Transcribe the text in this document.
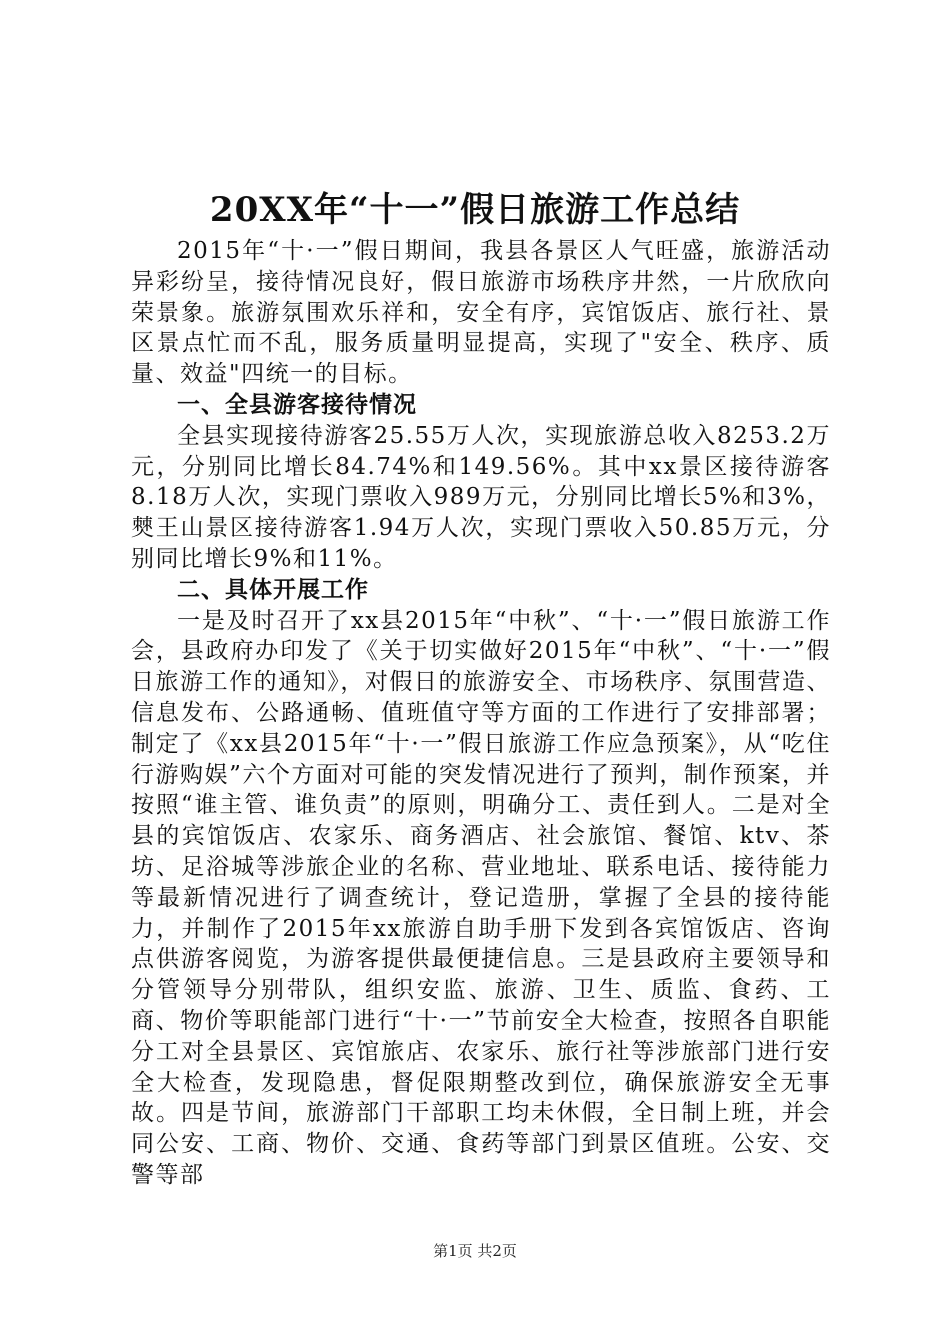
20XX年“十一”假日旅游工作总结

2015年“十·一”假日期间，我县各景区人气旺盛，旅游活动异彩纷呈，接待情况良好，假日旅游市场秩序井然，一片欣欣向荣景象。旅游氛围欢乐祥和，安全有序，宾馆饭店、旅行社、景区景点忙而不乱，服务质量明显提高，实现了"安全、秩序、质量、效益"四统一的目标。

一、全县游客接待情况

全县实现接待游客25.55万人次，实现旅游总收入8253.2万元，分别同比增长84.74%和149.56%。其中xx景区接待游客8.18万人次，实现门票收入989万元，分别同比增长5%和3%，僰王山景区接待游客1.94万人次，实现门票收入50.85万元，分别同比增长9%和11%。

二、具体开展工作

一是及时召开了xx县2015年“中秋”、“十·一”假日旅游工作会，县政府办印发了《关于切实做好2015年“中秋”、“十·一”假日旅游工作的通知》，对假日的旅游安全、市场秩序、氛围营造、信息发布、公路通畅、值班值守等方面的工作进行了安排部署；制定了《xx县2015年“十·一”假日旅游工作应急预案》，从“吃住行游购娱”六个方面对可能的突发情况进行了预判，制作预案，并按照“谁主管、谁负责”的原则，明确分工、责任到人。二是对全县的宾馆饭店、农家乐、商务酒店、社会旅馆、餐馆、ktv、茶坊、足浴城等涉旅企业的名称、营业地址、联系电话、接待能力等最新情况进行了调查统计，登记造册，掌握了全县的接待能力，并制作了2015年xx旅游自助手册下发到各宾馆饭店、咨询点供游客阅览，为游客提供最便捷信息。三是县政府主要领导和分管领导分别带队，组织安监、旅游、卫生、质监、食药、工商、物价等职能部门进行“十·一”节前安全大检查，按照各自职能分工对全县景区、宾馆旅店、农家乐、旅行社等涉旅部门进行安全大检查，发现隐患，督促限期整改到位，确保旅游安全无事故。四是节间，旅游部门干部职工均未休假，全日制上班，并会同公安、工商、物价、交通、食药等部门到景区值班。公安、交警等部

第1页 共2页
